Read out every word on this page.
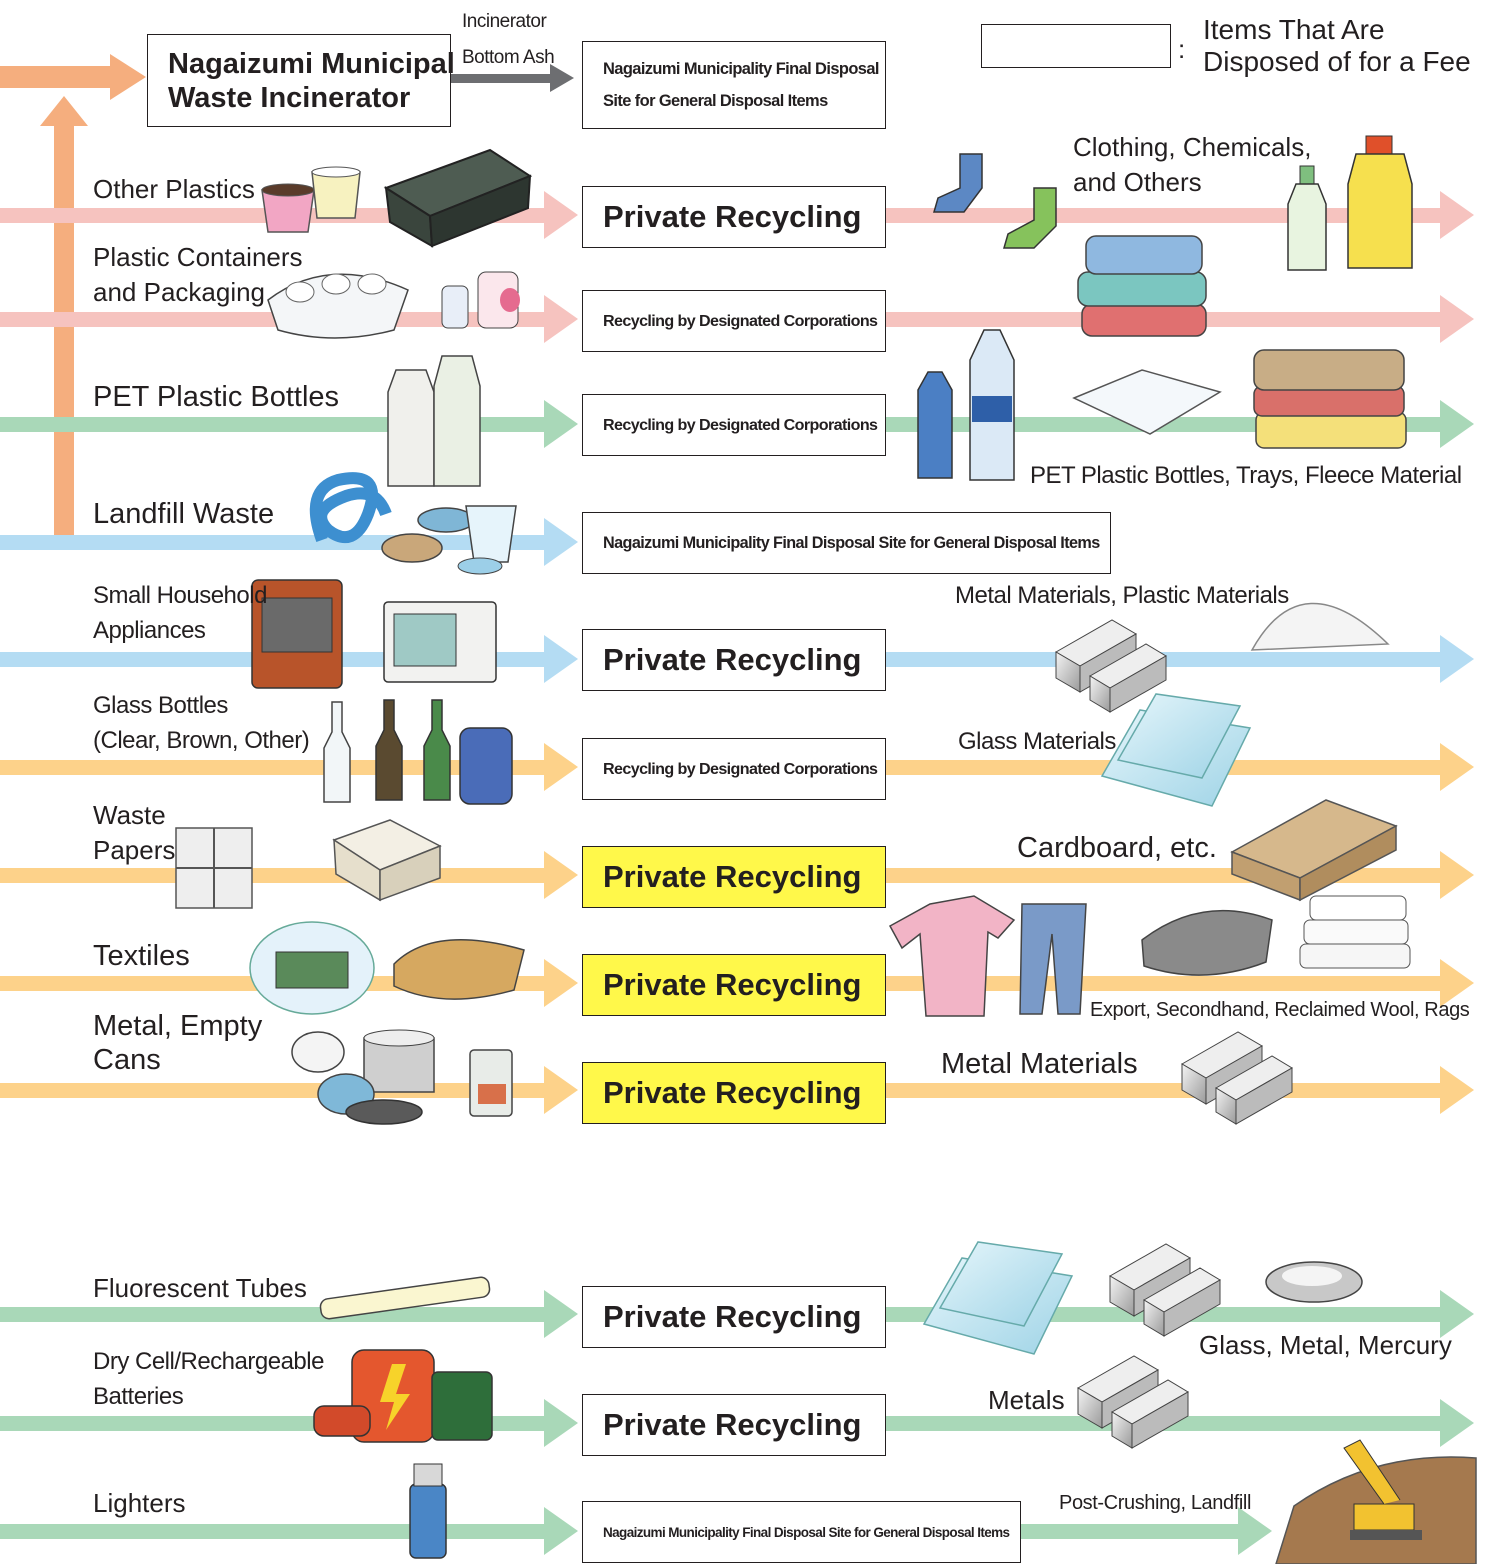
:
Items That Are
Disposed of for a Fee
Nagaizumi Municipal
Waste Incinerator
Incinerator
Bottom Ash
Nagaizumi Municipality Final Disposal
Site for General Disposal Items
Other Plastics
Private Recycling
Clothing, Chemicals,
and Others
Plastic Containers
and Packaging
Recycling by Designated Corporations
PET Plastic Bottles
Recycling by Designated Corporations
PET Plastic Bottles, Trays, Fleece Material
Landfill Waste
Nagaizumi Municipality Final Disposal Site for General Disposal Items
Small Household
Appliances
Private Recycling
Metal Materials, Plastic Materials
Glass Bottles
(Clear, Brown, Other)
Recycling by Designated Corporations
Glass Materials
Waste
Papers
Private Recycling
Cardboard, etc.
Textiles
Private Recycling
Export, Secondhand, Reclaimed Wool, Rags
Metal, Empty
Cans
Private Recycling
Metal Materials
Fluorescent Tubes
Private Recycling
Glass, Metal, Mercury
Dry Cell/Rechargeable
Batteries
Private Recycling
Metals
Lighters
Nagaizumi Municipality Final Disposal Site for General Disposal Items
Post-Crushing, Landfill
